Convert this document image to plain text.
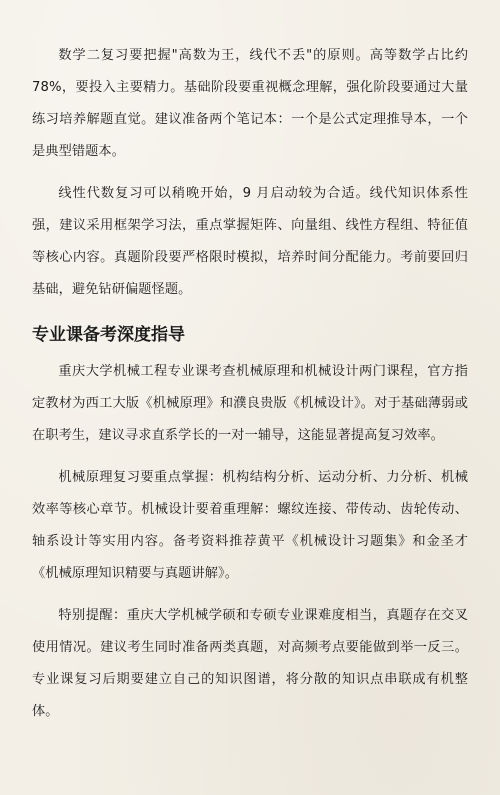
数学二复习要把握"高数为王，线代不丢"的原则。高等数学占比约 78%，要投入主要精力。基础阶段要重视概念理解，强化阶段要通过大量练习培养解题直觉。建议准备两个笔记本：一个是公式定理推导本，一个是典型错题本。

线性代数复习可以稍晚开始，9 月启动较为合适。线代知识体系性强，建议采用框架学习法，重点掌握矩阵、向量组、线性方程组、特征值等核心内容。真题阶段要严格限时模拟，培养时间分配能力。考前要回归基础，避免钻研偏题怪题。

专业课备考深度指导

重庆大学机械工程专业课考查机械原理和机械设计两门课程，官方指定教材为西工大版《机械原理》和濮良贵版《机械设计》。对于基础薄弱或在职考生，建议寻求直系学长的一对一辅导，这能显著提高复习效率。

机械原理复习要重点掌握：机构结构分析、运动分析、力分析、机械效率等核心章节。机械设计要着重理解：螺纹连接、带传动、齿轮传动、轴系设计等实用内容。备考资料推荐黄平《机械设计习题集》和金圣才《机械原理知识精要与真题讲解》。

特别提醒：重庆大学机械学硕和专硕专业课难度相当，真题存在交叉使用情况。建议考生同时准备两类真题，对高频考点要能做到举一反三。专业课复习后期要建立自己的知识图谱，将分散的知识点串联成有机整体。
